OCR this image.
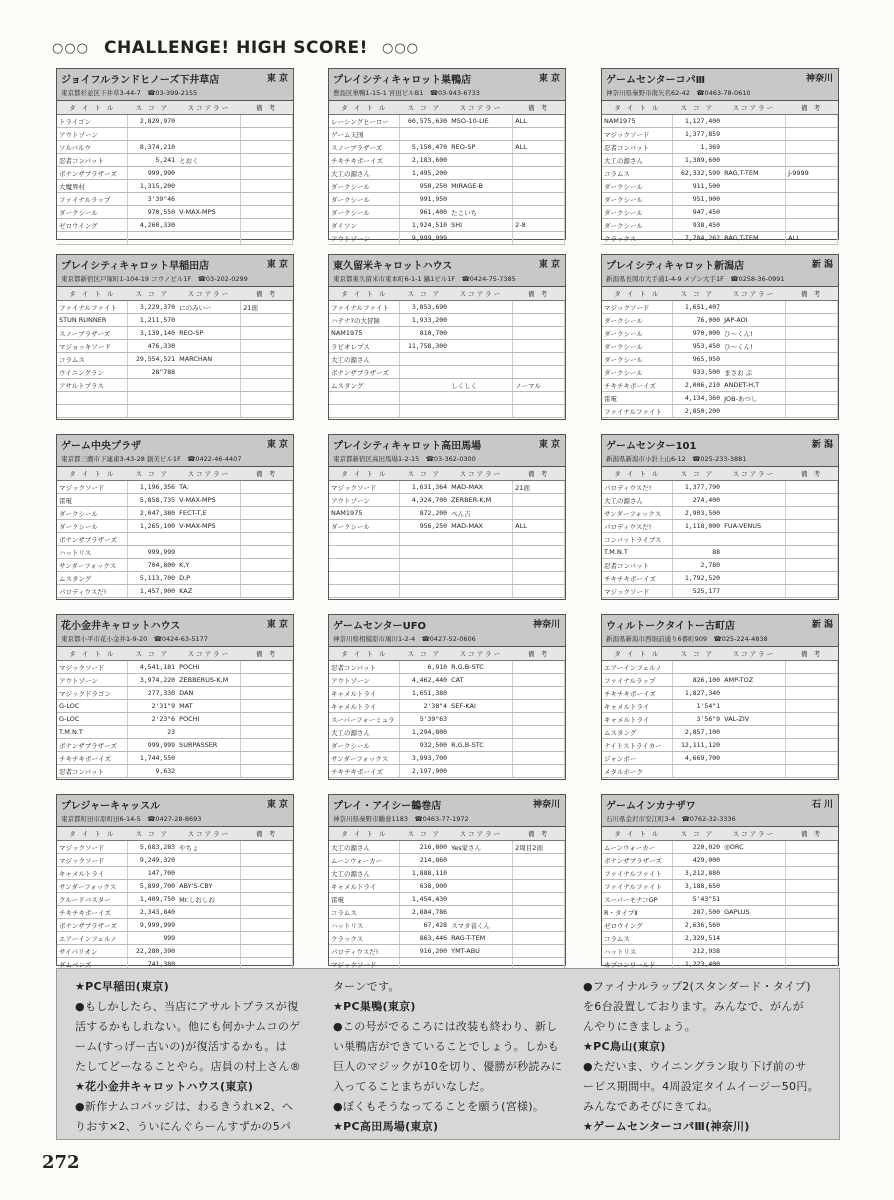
○○○ CHALLENGE! HIGH SCORE! ○○○
ジョイフルランドヒノーズ下井草店	東 京
東京都杉並区下井草3-44-7　☎03-399-2155
タ イ ト ル	ス コ ア	スコアラー	備 考
トライゴン	2,829,970		
アウトゾーン			
ソルバルウ	8,374,210		
忍者コンバット	5,241	とおく	
ボナンザブラザーズ	999,990		
大魔界村	1,315,200		
ファイナルラップ	3'39"46		
ダークシール	970,550	V-MAX-MPS	
ゼロウイング	4,260,330		

プレイシティキャロット巣鴨店	東 京
豊島区巣鴨1-15-1 宮田ビルB1　☎03-943-6733
タ イ ト ル	ス コ ア	スコアラー	備 考
レーシングヒーロー	60,575,630	MSO-10-LIE	ALL
ゲーム天国			
スノーブラザーズ	5,150,470	REO-SP	ALL
チキチキボーイズ	2,183,600		
大工の源さん	1,495,200		
ダークシール	950,250	MIRAGE-B	
ダークシール	991,950		
ダークシール	961,400	たこいち	
ダイソン	1,924,510	SHI	2-8
アウトゾーン	9,999,999		
ゲームセンターコパⅢ	神奈川
神奈川県秦野市南矢名62-42　☎0463-78-0610
タ イ ト ル	ス コ ア	スコアラー	備 考
NAM1975	1,127,400		
マジックソード	1,377,859		
忍者コンバット	1,369		
大工の源さん	1,389,600		
コラムス	62,332,599	RAG,T-TEM	J-9999
ダークシール	911,500		
ダークシール	951,900		
ダークシール	947,450		
ダークシール	938,450		
クラックス	7,784,262	RAG,T-TEM	ALL
プレイシティキャロット早稲田店	東 京
東京都新宿区戸塚町1-104-19 コウノビル1F　☎03-202-0299
タ イ ト ル	ス コ ア	スコアラー	備 考
ファイナルファイト	3,229,370	にのみいー	21面
STUN RUNNER	1,211,570		
スノーブラザーズ	3,139,140	REO-SP	
マジョッキソード	476,330		
コラムス	29,554,521	MARCHAN	
ウイニングラン	28"788		
アサルトプラス			

東久留米キャロットハウス	東 京
東京都東久留米市東本町6-1-1 鍋1ビル1F　☎0424-75-7385
タ イ ト ル	ス コ ア	スコアラー	備 考
ファイナルファイト	3,853,690		
ハテナ?の大冒険	1,933,200		
NAM1975	810,700		
ラビオレプス	11,758,300		
大工の源さん			
ボナンザブラザーズ			
ムスタング		しくしく	ノーマル

プレイシティキャロット新潟店	新 潟
新潟県長岡市大手通1-4-9 メゾン大手1F　☎0258-36-0991
タ イ ト ル	ス コ ア	スコアラー	備 考
マジックソード	1,651,407		
ダークシール	76,000	JAP-AOI	
ダークシール	970,000	ひ～くん!	
ダークシール	953,450	ひ～くん!	
ダークシール	965,950		
ダークシール	933,500	まさお ぷ	
チキチキボーイズ	2,006,210	ANDET-H,T	
雷電	4,134,360	JOB-あつし	
ファイナルファイト	2,850,200		
ゲーム中央プラザ	東 京
東京都三鷹市下連雀3-43-28 創美ビル1F　☎0422-46-4407
タ イ ト ル	ス コ ア	スコアラー	備 考
マジックソード	1,196,356	TA.	
雷電	5,858,735	V-MAX-MPS	
ダークシール	2,047,380	FECT-T,E	
ダークシール	1,265,100	V-MAX-MPS	
ボナンザブラザーズ			
ハットリス	999,999		
サンダーフォックス	704,800	K,Y	
ムスタング	5,113,700	D,P	
パロディウスだ!	1,457,900	KAZ	
プレイシティキャロット高田馬場	東 京
東京都新宿区高田馬場1-2-15　☎03-362-0300
タ イ ト ル	ス コ ア	スコアラー	備 考
マジックソード	1,631,364	MAD-MAX	21面
アウトゾーン	4,324,700	ZERBER-K,M	
NAM1975	872,200	ぺん吉	
ダークシール	956,250	MAD-MAX	ALL

ゲームセンター101	新 潟
新潟県新潟市小針上山6-12　☎025-233-3881
タ イ ト ル	ス コ ア	スコアラー	備 考
パロディウスだ!	1,377,790		
大工の源さん	274,400		
サンダーフォックス	2,903,500		
パロディウスだ!	1,118,000	FUA-VENUS	
コンバットライブス			
T.M.N.T	88		
忍者コンバット	2,780		
チキチキボーイズ	1,792,520		
マジックソード	525,177		
花小金井キャロットハウス	東 京
東京都小平市花小金井1-9-20　☎0424-63-5177
タ イ ト ル	ス コ ア	スコアラー	備 考
マジックソード	4,541,181	POCHI	
アウトゾーン	3,974,220	ZEBBERUS-K,M	
マジックドラゴン	277,330	DAN	
G-LOC	2'31"9	MAT	
G-LOC	2'23"6	POCHI	
T.M.N.T	23		
ボナンザブラザーズ	999,999	SURPASSER	
チキチキボーイズ	1,744,550		
忍者コンバット	9,632		
ゲームセンターUFO	神奈川
神奈川県相模原市鳩川1-2-4　☎0427-52-0606
タ イ ト ル	ス コ ア	スコアラー	備 考
忍者コンバット	6,910	R,G,B-STC	
アウトゾーン	4,462,440	CAT	
キャメルトライ	1,651,380		
キャメルトライ	2'38"4	SEF-KAI	
スーパーフォーミュラ	5'39"63		
大工の源さん	1,294,800		
ダークシール	932,500	R,G,B-STC	
サンダーフォックス	3,993,700		
チキチキボーイズ	2,197,900		
ウィルトークタイトー古町店	新 潟
新潟県新潟市西堀前通り6番町909　☎025-224-4838
タ イ ト ル	ス コ ア	スコアラー	備 考
エアーインフェルノ			
ファイナルラップ	826,100	AMP-TOZ	
チキチキボーイズ	1,827,340		
キャメルトライ	1'54"1		
キャメルトライ	3'56"9	VAL-ZIV	
ムスタング	2,857,100		
ナイトストライカー	12,111,120		
ジャンボー	4,669,700		
メタルホーク			
プレジャーキャッスル	東 京
東京都町田市原町田6-14-5　☎0427-28-8693
タ イ ト ル	ス コ ア	スコアラー	備 考
マジックソード	5,683,283	やちょ	
マジックソード	9,249,320		
キャメルトライ	147,700		
サンダーフォックス	5,899,700	ABY'S-CBY	
クルードバスター	1,409,750	Mr.しおしお	
チキチキボーイズ	2,343,840		
ボナンザブラザーズ	9,999,999		
エアーインフェルノ	999		
サイバリオン	22,280,390		
ダムベンズ	741,380		
プレイ・アイシー鶴巻店	神奈川
神奈川県秦野市鶴巻1183　☎0463-77-1972
タ イ ト ル	ス コ ア	スコアラー	備 考
大工の源さん	216,800	Yes家さん	2周目2面
ムーンウォーカー	214,860		
大工の源さん	1,888,110		
キャメルトライ	638,900		
雷電	1,454,430		
コラムス	2,884,786		
ハットリス	67,428	スマタ音くん	
クラックス	863,446	RAG-T-TEM	
パロディウスだ!	916,200	YMT-ABU	
マジックソード			
ゲームインカナザワ	石 川
石川県金沢市安江町3-4　☎0762-32-3336
タ イ ト ル	ス コ ア	スコアラー	備 考
ムーンウォーカー	220,020	◎ORC	
ボナンザブラザーズ	429,000		
ファイナルファイト	3,212,880		
ファイナルファイト	3,188,650		
スーパーモナコGP	5'43"51		
R・タイプⅡ	287,500	GAPLUS	
ゼロウイング	2,636,560		
コラムス	2,329,514		
ハットリス	212,938		
カプコンワールド	1,223,400		

★PC早稲田(東京)

●もしかしたら、当店にアサルトプラスが復

活するかもしれない。他にも何かナムコのゲ

ーム(すっげー古いの)が復活するかも。は

たしてどーなることやら。店員の村上さん®

★花小金井キャロットハウス(東京)

●新作ナムコバッジは、わるきうれ×2、へ

りおす×2、ういにんぐらーんすずかの5パ

ターンです。

★PC巣鴨(東京)

●この号がでるころには改装も終わり、新し

い巣鴨店ができていることでしょう。しかも

巨人のマジックが10を切り、優勝が秒読みに

入ってることまちがいなしだ。

●ぼくもそうなってることを願う(宮様)。

★PC高田馬場(東京)

●ファイナルラップ2(スタンダード・タイプ)

を6台設置しております。みんなで、がんが

んやりにきましょう。

★PC鳥山(東京)

●ただいま、ウイニングラン取り下げ前のサ

ービス期間中。4周設定タイムイージー50円。

みんなであそびにきてね。

★ゲームセンターコパⅢ(神奈川)

272
